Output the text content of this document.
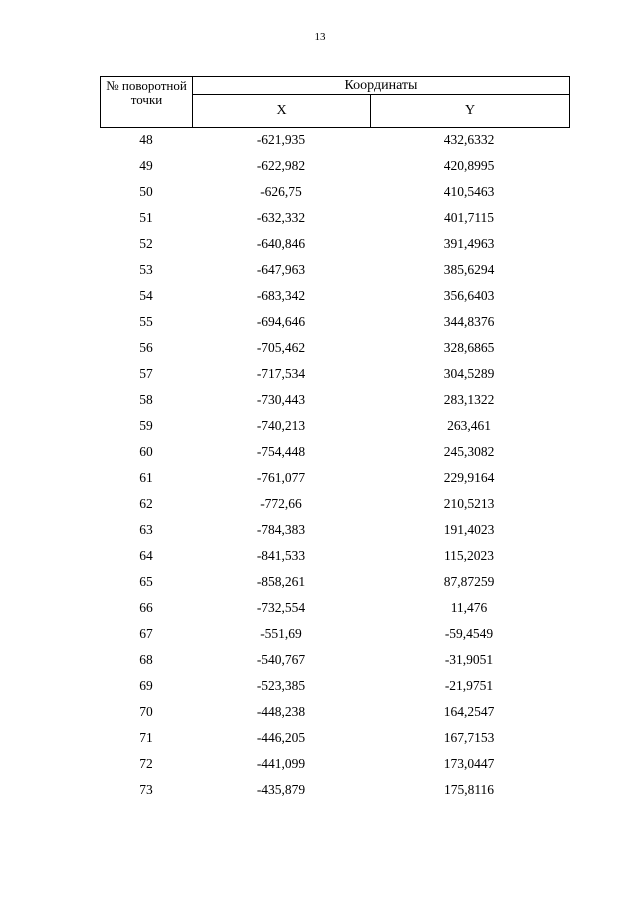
13
№ поворотной точки
Координаты
X	Y
48	-621,935	432,6332
49	-622,982	420,8995
50	-626,75	410,5463
51	-632,332	401,7115
52	-640,846	391,4963
53	-647,963	385,6294
54	-683,342	356,6403
55	-694,646	344,8376
56	-705,462	328,6865
57	-717,534	304,5289
58	-730,443	283,1322
59	-740,213	263,461
60	-754,448	245,3082
61	-761,077	229,9164
62	-772,66	210,5213
63	-784,383	191,4023
64	-841,533	115,2023
65	-858,261	87,87259
66	-732,554	11,476
67	-551,69	-59,4549
68	-540,767	-31,9051
69	-523,385	-21,9751
70	-448,238	164,2547
71	-446,205	167,7153
72	-441,099	173,0447
73	-435,879	175,8116
